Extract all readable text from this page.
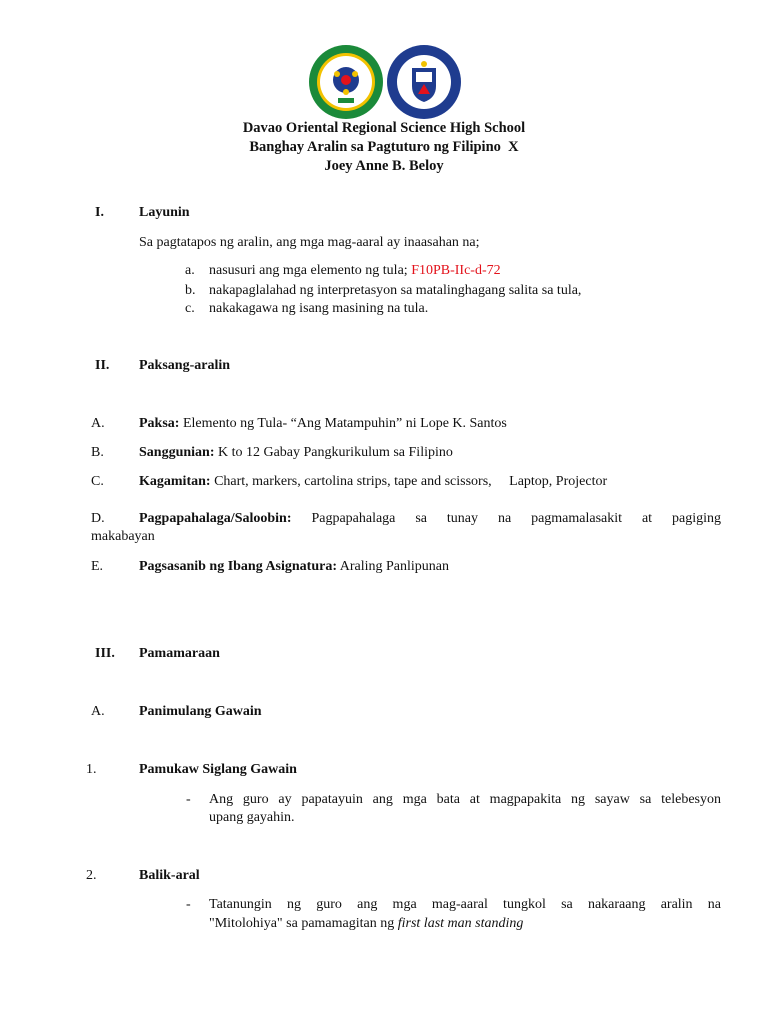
Davao Oriental Regional Science High School
Banghay Aralin sa Pagtuturo ng Filipino  X
Joey Anne B. Beloy
I.	Layunin
Sa pagtatapos ng aralin, ang mga mag-aaral ay inaasahan na;
a. nasusuri ang mga elemento ng tula; F10PB-IIc-d-72
b. nakapaglalahad ng interpretasyon sa matalinghagang salita sa tula,
c. nakakagawa ng isang masining na tula.
II. Paksang-aralin
A. Paksa: Elemento ng Tula- “Ang Matampuhin” ni Lope K. Santos
B.	Sanggunian: K to 12 Gabay Pangkurikulum sa Filipino
C.	Kagamitan: Chart, markers, cartolina strips, tape and scissors,     Laptop, Projector
D. Pagpapahalaga/Saloobin: Pagpapahalaga sa tunay na pagmamalasakit at pagiging
makabayan
E.	Pagsasanib ng Ibang Asignatura: Araling Panlipunan
III. Pamamaraan
A. Panimulang Gawain
1.	Pamukaw Siglang Gawain
- Ang guro ay papatayuin ang mga bata at magpapakita ng sayaw sa telebesyon
upang gayahin.
2.	Balik-aral
- Tatanungin ng guro ang mga mag-aaral tungkol sa nakaraang aralin na
"Mitolohiya" sa pamamagitan ng first last man standing
